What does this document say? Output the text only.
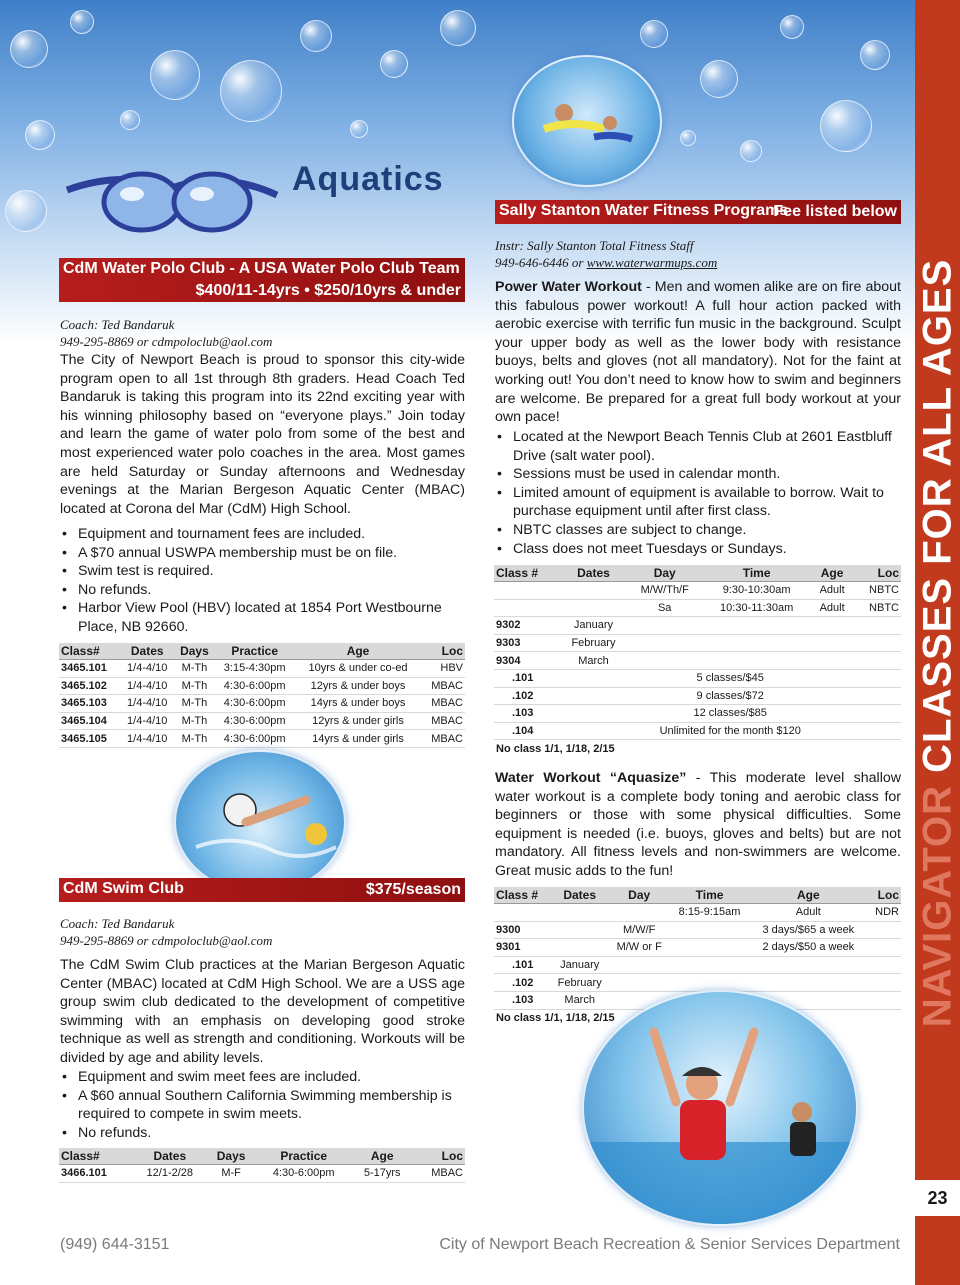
Aquatics
CdM Water Polo Club - A USA Water Polo Club Team
$400/11-14yrs • $250/10yrs & under
Coach: Ted Bandaruk
949-295-8869 or cdmpoloclub@aol.com
The City of Newport Beach is proud to sponsor this city-wide program open to all 1st through 8th graders. Head Coach Ted Bandaruk is taking this program into its 22nd exciting year with his winning philosophy based on “everyone plays.” Join today and learn the game of water polo from some of the best and most experienced water polo coaches in the area. Most games are held Saturday or Sunday afternoons and Wednesday evenings at the Marian Bergeson Aquatic Center (MBAC) located at Corona del Mar (CdM) High School.
• Equipment and tournament fees are included.
• A $70 annual USWPA membership must be on file.
• Swim test is required.
• No refunds.
• Harbor View Pool (HBV) located at 1854 Port Westbourne Place, NB 92660.
Class#	Dates	Days	Practice	Age	Loc
3465.101	1/4-4/10	M-Th	3:15-4:30pm	10yrs & under co-ed	HBV
3465.102	1/4-4/10	M-Th	4:30-6:00pm	12yrs & under boys	MBAC
3465.103	1/4-4/10	M-Th	4:30-6:00pm	14yrs & under boys	MBAC
3465.104	1/4-4/10	M-Th	4:30-6:00pm	12yrs & under girls	MBAC
3465.105	1/4-4/10	M-Th	4:30-6:00pm	14yrs & under girls	MBAC
CdM Swim Club	$375/season
Coach: Ted Bandaruk
949-295-8869 or cdmpoloclub@aol.com
The CdM Swim Club practices at the Marian Bergeson Aquatic Center (MBAC) located at CdM High School. We are a USS age group swim club dedicated to the development of competitive swimming with an emphasis on developing good stroke technique as well as strength and conditioning. Workouts will be divided by age and ability levels.
• Equipment and swim meet fees are included.
• A $60 annual Southern California Swimming membership is required to compete in swim meets.
• No refunds.
Class#	Dates	Days	Practice	Age	Loc
3466.101	12/1-2/28	M-F	4:30-6:00pm	5-17yrs	MBAC
Sally Stanton Water Fitness Programs
Fee listed below
Instr: Sally Stanton Total Fitness Staff
949-646-6446 or www.waterwarmups.com
Power Water Workout - Men and women alike are on fire about this fabulous power workout! A full hour action packed with aerobic exercise with terrific fun music in the background. Sculpt your upper body as well as the lower body with resistance buoys, belts and gloves (not all mandatory). Not for the faint at working out! You don’t need to know how to swim and beginners are welcome. Be prepared for a great full body workout at your own pace!
• Located at the Newport Beach Tennis Club at 2601 Eastbluff Drive (salt water pool).
• Sessions must be used in calendar month.
• Limited amount of equipment is available to borrow. Wait to purchase equipment until after first class.
• NBTC classes are subject to change.
• Class does not meet Tuesdays or Sundays.
Class #	Dates	Day	Time	Age	Loc
		M/W/Th/F	9:30-10:30am	Adult	NBTC
		Sa	10:30-11:30am	Adult	NBTC
9302	January				
9303	February				
9304	March				
.101	5 classes/$45				
.102	9 classes/$72				
.103	12 classes/$85				
.104	Unlimited for the month $120				
No class 1/1, 1/18, 2/15					
Water Workout “Aquasize” - This moderate level shallow water workout is a complete body toning and aerobic class for beginners or those with some physical difficulties. Some equipment is needed (i.e. buoys, gloves and belts) but are not mandatory. All fitness levels and non-swimmers are welcome. Great music adds to the fun!
Class #	Dates	Day	Time	Age	Loc
			8:15-9:15am	Adult	NDR
9300		M/W/F		3 days/$65 a week	
9301		M/W or F		2 days/$50 a week	
.101	January				
.102	February				
.103	March				
No class 1/1, 1/18, 2/15						NAVIGATOR CLASSES FOR ALL AGES
23
(949) 644-3151	City of Newport Beach Recreation & Senior Services Department
